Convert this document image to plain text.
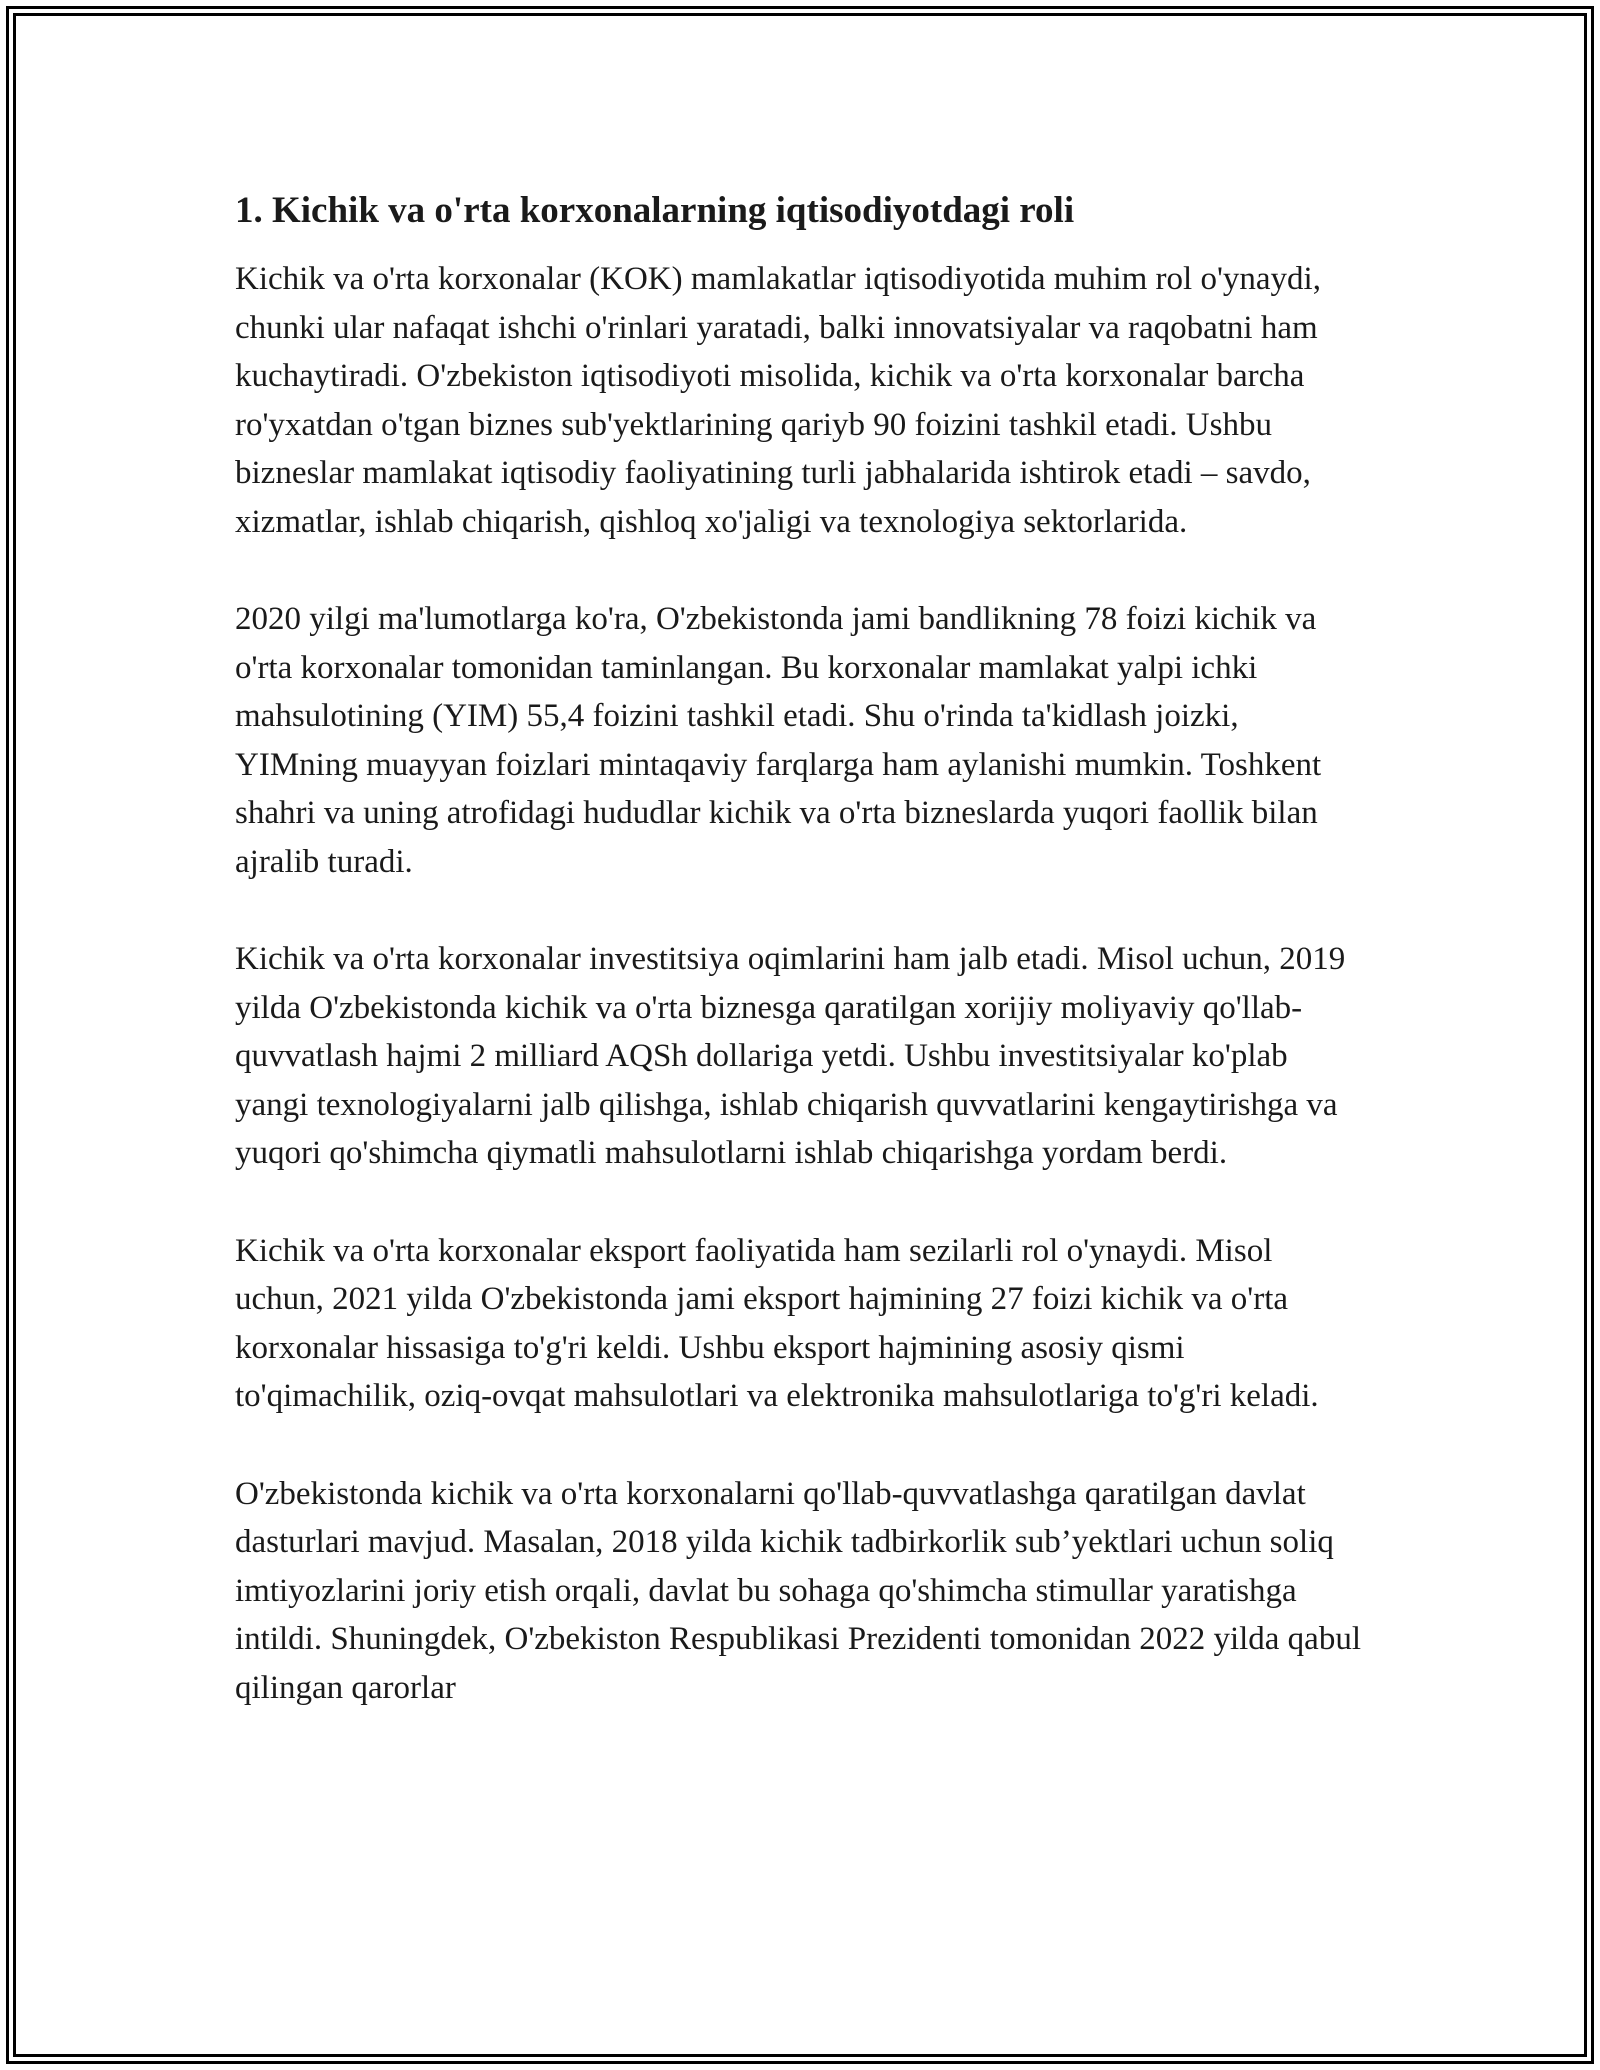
1. Kichik va o'rta korxonalarning iqtisodiyotdagi roli

Kichik va o'rta korxonalar (KOK) mamlakatlar iqtisodiyotida muhim rol o'ynaydi, chunki ular nafaqat ishchi o'rinlari yaratadi, balki innovatsiyalar va raqobatni ham kuchaytiradi. O'zbekiston iqtisodiyoti misolida, kichik va o'rta korxonalar barcha ro'yxatdan o'tgan biznes sub'yektlarining qariyb 90 foizini tashkil etadi. Ushbu bizneslar mamlakat iqtisodiy faoliyatining turli jabhalarida ishtirok etadi – savdo, xizmatlar, ishlab chiqarish, qishloq xo'jaligi va texnologiya sektorlarida.

2020 yilgi ma'lumotlarga ko'ra, O'zbekistonda jami bandlikning 78 foizi kichik va o'rta korxonalar tomonidan taminlangan. Bu korxonalar mamlakat yalpi ichki mahsulotining (YIM) 55,4 foizini tashkil etadi. Shu o'rinda ta'kidlash joizki, YIMning muayyan foizlari mintaqaviy farqlarga ham aylanishi mumkin. Toshkent shahri va uning atrofidagi hududlar kichik va o'rta bizneslarda yuqori faollik bilan ajralib turadi.

Kichik va o'rta korxonalar investitsiya oqimlarini ham jalb etadi. Misol uchun, 2019 yilda O'zbekistonda kichik va o'rta biznesga qaratilgan xorijiy moliyaviy qo'llab-quvvatlash hajmi 2 milliard AQSh dollariga yetdi. Ushbu investitsiyalar ko'plab yangi texnologiyalarni jalb qilishga, ishlab chiqarish quvvatlarini kengaytirishga va yuqori qo'shimcha qiymatli mahsulotlarni ishlab chiqarishga yordam berdi.

Kichik va o'rta korxonalar eksport faoliyatida ham sezilarli rol o'ynaydi. Misol uchun, 2021 yilda O'zbekistonda jami eksport hajmining 27 foizi kichik va o'rta korxonalar hissasiga to'g'ri keldi. Ushbu eksport hajmining asosiy qismi to'qimachilik, oziq-ovqat mahsulotlari va elektronika mahsulotlariga to'g'ri keladi.

O'zbekistonda kichik va o'rta korxonalarni qo'llab-quvvatlashga qaratilgan davlat dasturlari mavjud. Masalan, 2018 yilda kichik tadbirkorlik sub’yektlari uchun soliq imtiyozlarini joriy etish orqali, davlat bu sohaga qo'shimcha stimullar yaratishga intildi. Shuningdek, O'zbekiston Respublikasi Prezidenti tomonidan 2022 yilda qabul qilingan qarorlar
